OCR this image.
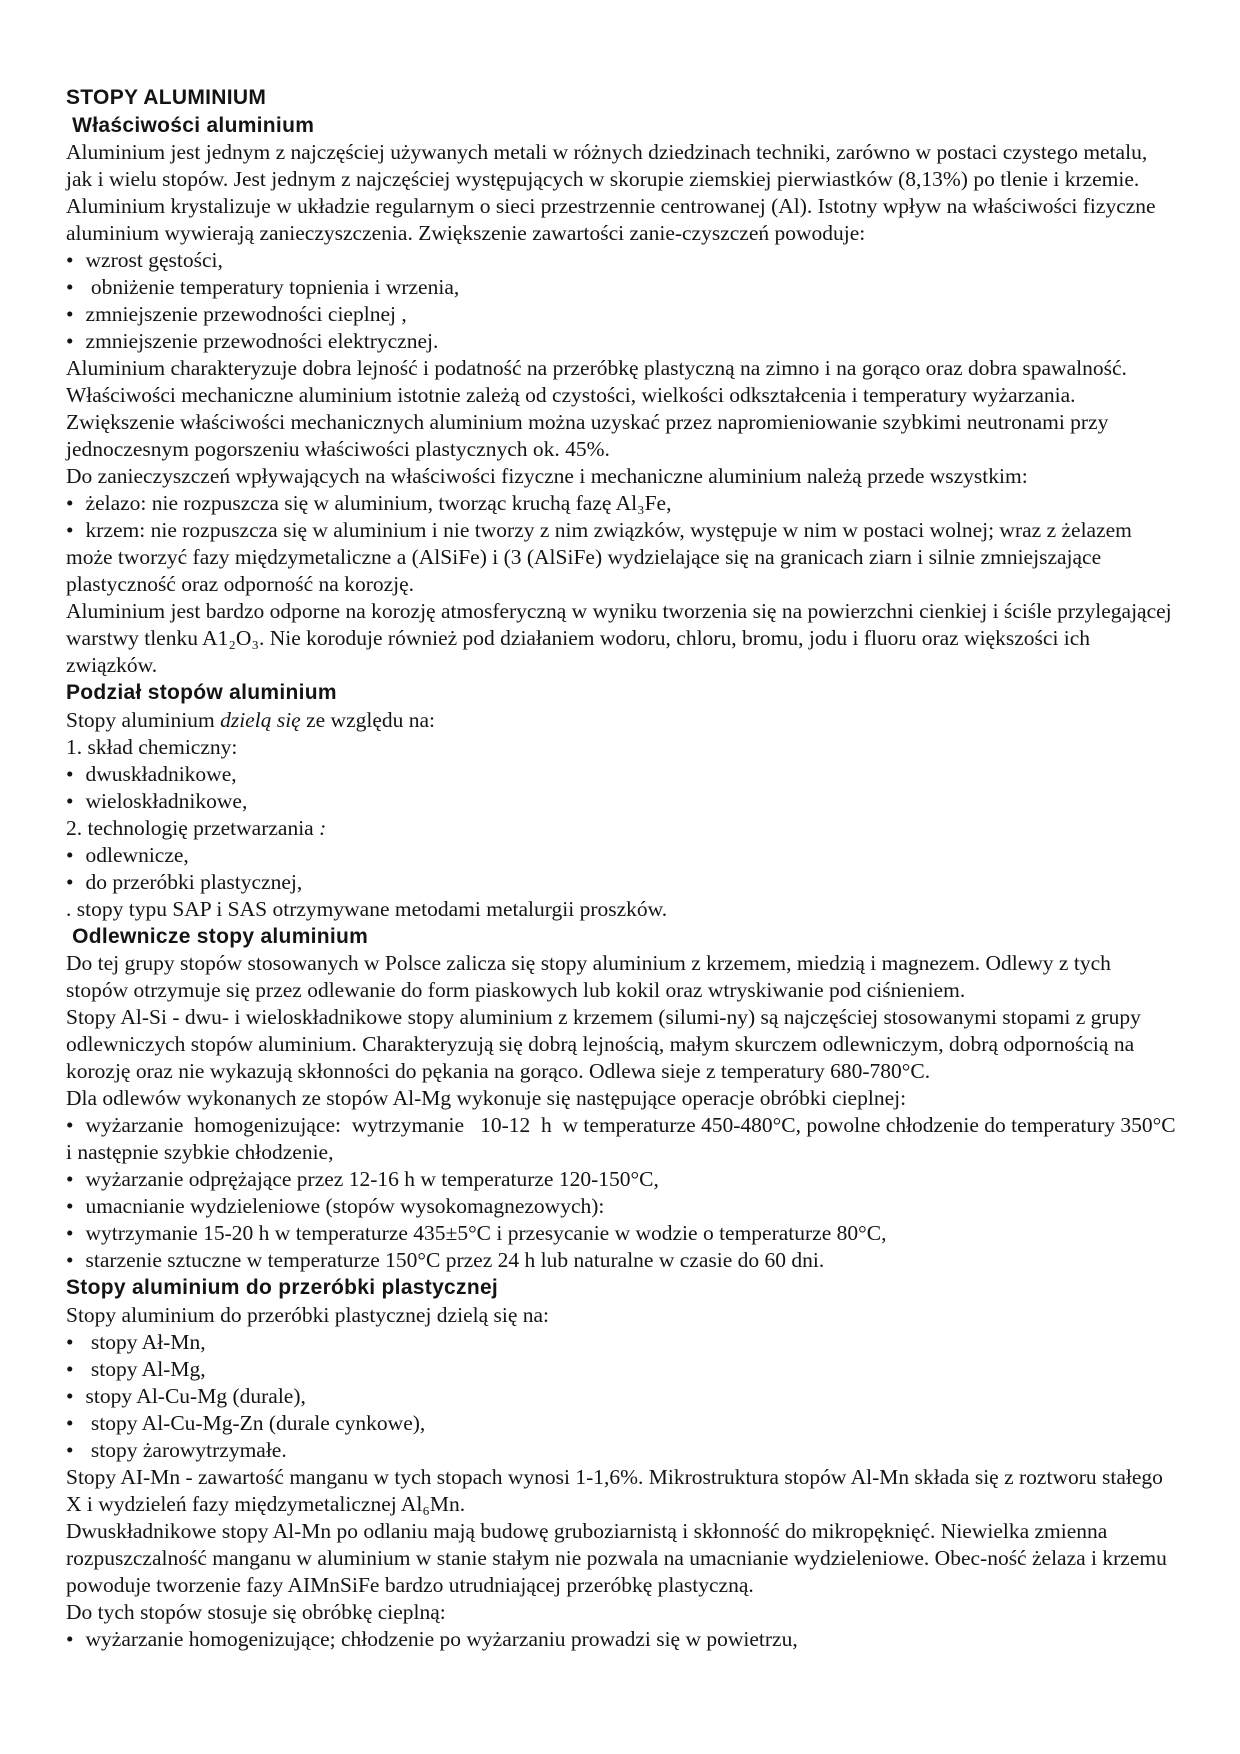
STOPY ALUMINIUM
Właściwości aluminium
Aluminium jest jednym z najczęściej używanych metali w różnych dziedzinach techniki, zarówno w postaci czystego metalu, jak i wielu stopów. Jest jednym z najczęściej występujących w skorupie ziemskiej pierwiastków (8,13%) po tlenie i krzemie.    Aluminium krystalizuje w układzie regularnym o sieci przestrzennie centrowanej (Al). Istotny wpływ na właściwości fizyczne aluminium wywierają zanieczyszczenia. Zwiększenie zawartości zanie-czyszczeń powoduje:
• wzrost gęstości,
• obniżenie temperatury topnienia i wrzenia,
• zmniejszenie przewodności cieplnej ,
• zmniejszenie przewodności elektrycznej.
Aluminium charakteryzuje dobra lejność i podatność na przeróbkę plastyczną na zimno i na gorąco oraz dobra spawalność. Właściwości mechaniczne aluminium istotnie zależą od czystości, wielkości odkształcenia i temperatury wyżarzania.
Zwiększenie właściwości mechanicznych aluminium można uzyskać przez napromieniowanie szybkimi neutronami przy jednoczesnym pogorszeniu właściwości plastycznych ok. 45%.
Do zanieczyszczeń wpływających na właściwości fizyczne i mechaniczne aluminium należą przede wszystkim:
• żelazo: nie rozpuszcza się w aluminium, tworząc kruchą fazę Al₃Fe,
• krzem: nie rozpuszcza się w aluminium i nie tworzy z nim związków, występuje w nim w postaci wolnej; wraz z żelazem może tworzyć fazy międzymetaliczne a (AlSiFe) i (3 (AlSiFe) wydzielające się na granicach ziarn i silnie zmniejszające plastyczność oraz odporność na korozję.
Aluminium jest bardzo odporne na korozję atmosferyczną w wyniku tworzenia się na powierzchni cienkiej i ściśle przylegającej warstwy tlenku A1₂O₃. Nie koroduje również pod działaniem wodoru, chloru, bromu, jodu i fluoru oraz większości ich związków.
Podział stopów aluminium
Stopy aluminium dzielą się ze względu na:
1. skład chemiczny:
• dwuskładnikowe,
• wieloskładnikowe,
2. technologię przetwarzania :
• odlewnicze,
• do przeróbki plastycznej,
. stopy typu SAP i SAS otrzymywane metodami metalurgii proszków.
Odlewnicze stopy aluminium
Do tej grupy stopów stosowanych w Polsce zalicza się stopy aluminium z krzemem, miedzią i magnezem. Odlewy z tych stopów otrzymuje się przez odlewanie do form piaskowych lub kokil oraz wtryskiwanie pod ciśnieniem.
Stopy Al-Si - dwu- i wieloskładnikowe stopy aluminium z krzemem (silumi-ny) są najczęściej stosowanymi stopami z grupy odlewniczych stopów aluminium. Charakteryzują się dobrą lejnością, małym skurczem odlewniczym, dobrą odpornością na korozję oraz nie wykazują skłonności do pękania na gorąco. Odlewa sieje z temperatury 680-780°C.
Dla odlewów wykonanych ze stopów Al-Mg wykonuje się następujące operacje obróbki cieplnej:
• wyżarzanie  homogenizujące:  wytrzymanie   10-12  h  w temperaturze 450-480°C, powolne chłodzenie do temperatury 350°C i następnie szybkie chłodzenie,
• wyżarzanie odprężające przez 12-16 h w temperaturze 120-150°C,
• umacnianie wydzieleniowe (stopów wysokomagnezowych):
• wytrzymanie 15-20 h w temperaturze 435±5°C i przesycanie w wodzie o temperaturze 80°C,
• starzenie sztuczne w temperaturze 150°C przez 24 h lub naturalne w czasie do 60 dni.
Stopy aluminium do przeróbki plastycznej
Stopy aluminium do przeróbki plastycznej dzielą się na:
• stopy Ał-Mn,
• stopy Al-Mg,
• stopy Al-Cu-Mg (durale),
• stopy Al-Cu-Mg-Zn (durale cynkowe),
• stopy żarowytrzymałe.
Stopy AI-Mn - zawartość manganu w tych stopach wynosi 1-1,6%. Mikrostruktura stopów Al-Mn składa się z roztworu stałego X i wydzieleń fazy międzymetalicznej Al₆Mn.
Dwuskładnikowe stopy Al-Mn po odlaniu mają budowę gruboziarnistą i skłonność do mikropęknięć. Niewielka zmienna rozpuszczalność manganu w aluminium w stanie stałym nie pozwala na umacnianie wydzieleniowe. Obec-ność żelaza i krzemu powoduje tworzenie fazy AIMnSiFe bardzo utrudniającej przeróbkę plastyczną.
Do tych stopów stosuje się obróbkę cieplną:
• wyżarzanie homogenizujące; chłodzenie po wyżarzaniu prowadzi się w powietrzu,
